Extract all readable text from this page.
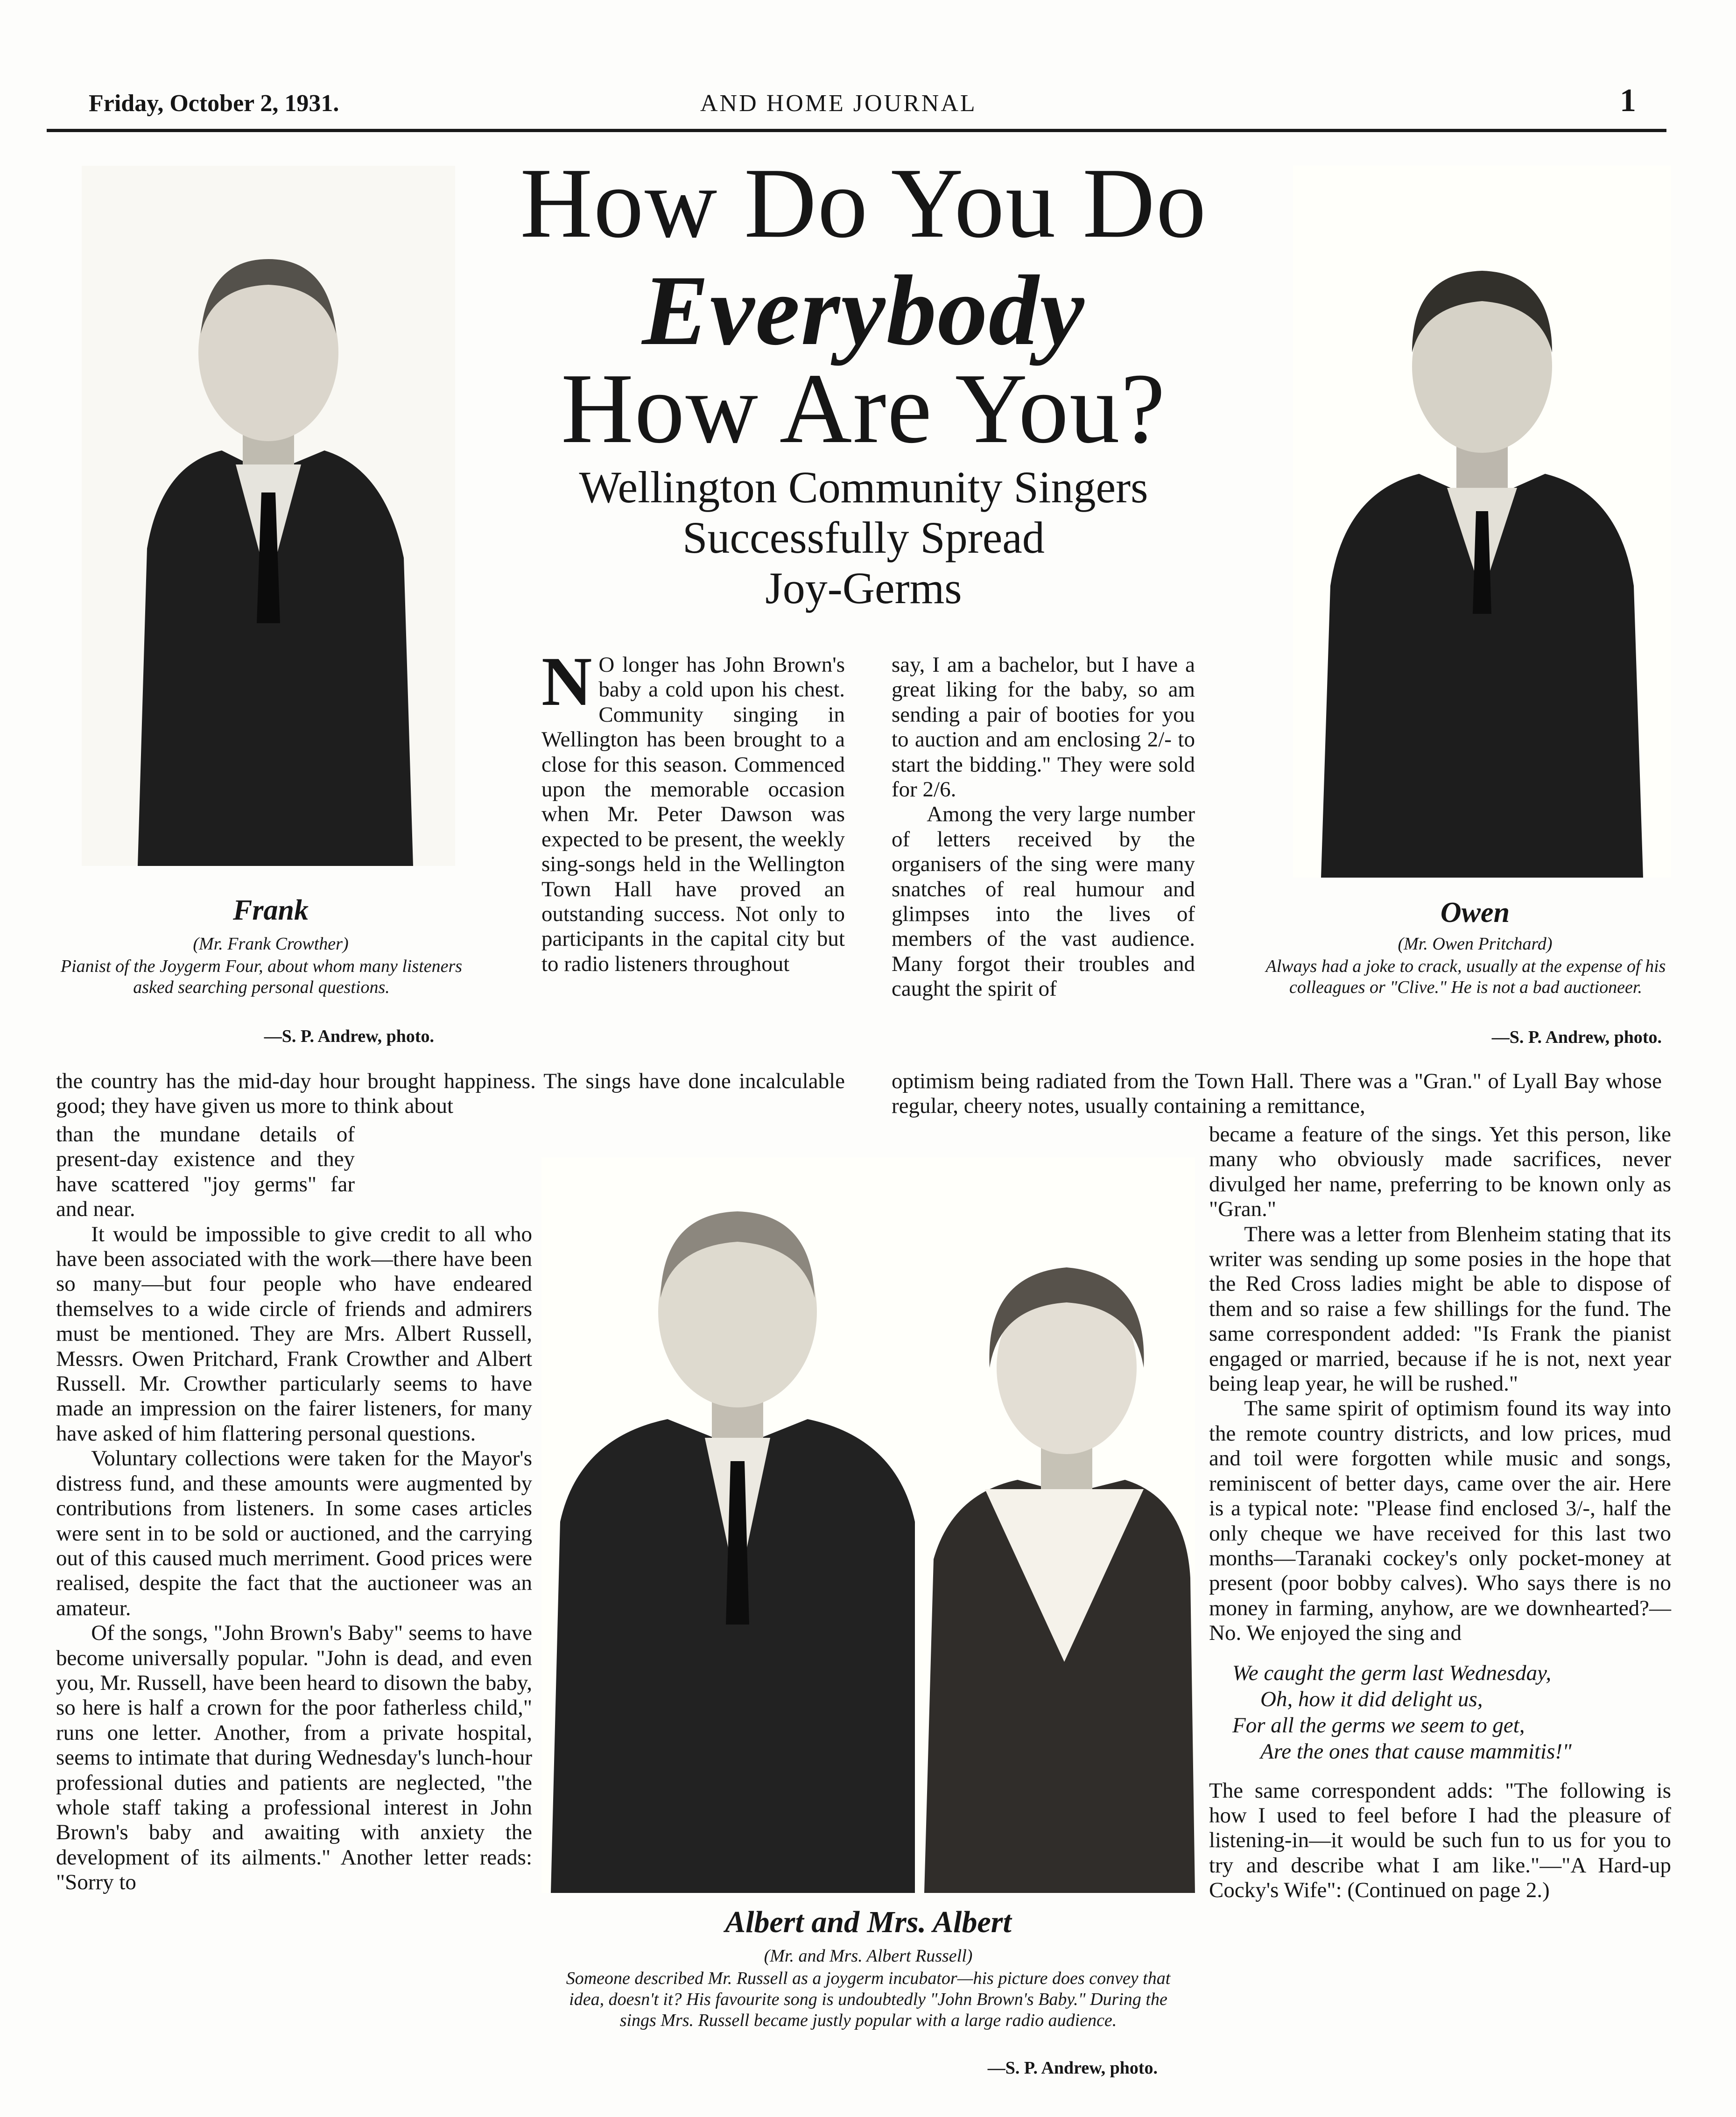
Friday, October 2, 1931.	AND HOME JOURNAL	1
How Do You Do
Everybody
How Are You?
Wellington Community Singers
Successfully Spread
Joy-Germs
Frank
(Mr. Frank Crowther)
Pianist of the Joygerm Four, about whom many listeners asked searching personal questions.
—S. P. Andrew, photo.
Owen
(Mr. Owen Pritchard)
Always had a joke to crack, usually at the expense of his colleagues or "Clive." He is not a bad auctioneer.
—S. P. Andrew, photo.
Albert and Mrs. Albert
(Mr. and Mrs. Albert Russell)
Someone described Mr. Russell as a joygerm incubator—his picture does convey that idea, doesn't it? His favourite song is undoubtedly "John Brown's Baby." During the sings Mrs. Russell became justly popular with a large radio audience.
—S. P. Andrew, photo.

N O longer has John Brown's baby a cold upon his chest. Community singing in Wellington has been brought to a close for this season. Commenced upon the memorable occasion when Mr. Peter Dawson was expected to be present, the weekly sing-songs held in the Wellington Town Hall have proved an outstanding success. Not only to participants in the capital city but to radio listeners throughout

say, I am a bachelor, but I have a great liking for the baby, so am sending a pair of booties for you to auction and am enclosing 2/- to start the bidding." They were sold for 2/6.

Among the very large number of letters received by the organisers of the sing were many snatches of real humour and glimpses into the lives of members of the vast audience. Many forgot their troubles and caught the spirit of

the country has the mid-day hour brought happiness. The sings have done incalculable good; they have given us more to think about
optimism being radiated from the Town Hall. There was a "Gran." of Lyall Bay whose regular, cheery notes, usually containing a remittance,

than the mundane details of present-day existence and they have scattered "joy germs" far and near.

It would be impossible to give credit to all who have been associated with the work—there have been so many—but four people who have endeared themselves to a wide circle of friends and admirers must be mentioned. They are Mrs. Albert Russell, Messrs. Owen Pritchard, Frank Crowther and Albert Russell. Mr. Crowther particularly seems to have made an impression on the fairer listeners, for many have asked of him flattering personal questions.

Voluntary collections were taken for the Mayor's distress fund, and these amounts were augmented by contributions from listeners. In some cases articles were sent in to be sold or auctioned, and the carrying out of this caused much merriment. Good prices were realised, despite the fact that the auctioneer was an amateur.

Of the songs, "John Brown's Baby" seems to have become universally popular. "John is dead, and even you, Mr. Russell, have been heard to disown the baby, so here is half a crown for the poor fatherless child," runs one letter. Another, from a private hospital, seems to intimate that during Wednesday's lunch-hour professional duties and patients are neglected, "the whole staff taking a professional interest in John Brown's baby and awaiting with anxiety the development of its ailments." Another letter reads: "Sorry to

became a feature of the sings. Yet this person, like many who obviously made sacrifices, never divulged her name, preferring to be known only as "Gran."

There was a letter from Blenheim stating that its writer was sending up some posies in the hope that the Red Cross ladies might be able to dispose of them and so raise a few shillings for the fund. The same correspondent added: "Is Frank the pianist engaged or married, because if he is not, next year being leap year, he will be rushed."

The same spirit of optimism found its way into the remote country districts, and low prices, mud and toil were forgotten while music and songs, reminiscent of better days, came over the air. Here is a typical note: "Please find enclosed 3/-, half the only cheque we have received for this last two months—Taranaki cockey's only pocket-money at present (poor bobby calves). Who says there is no money in farming, anyhow, are we downhearted?—No. We enjoyed the sing and

We caught the germ last Wednesday,
Oh, how it did delight us,
For all the germs we seem to get,
Are the ones that cause mammitis!"

The same correspondent adds: "The following is how I used to feel before I had the pleasure of listening-in—it would be such fun to us for you to try and describe what I am like."—"A Hard-up Cocky's Wife": (Continued on page 2.)
